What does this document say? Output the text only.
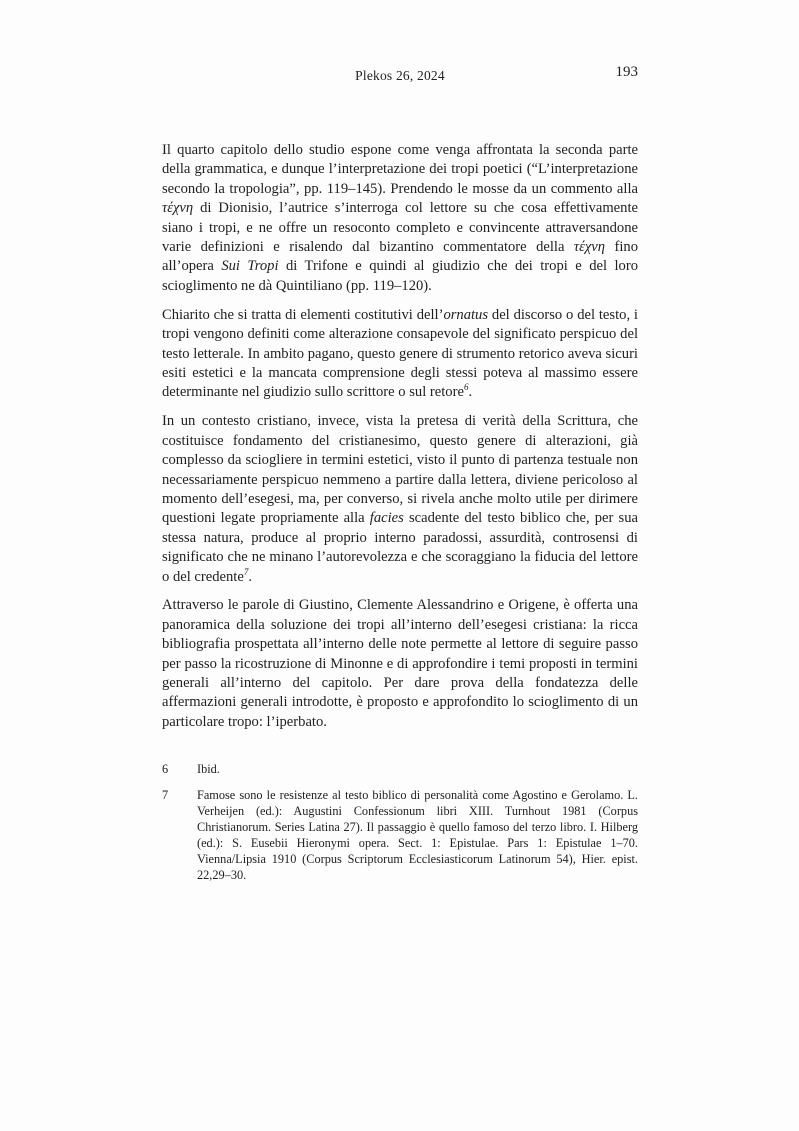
Plekos 26, 2024	193

Il quarto capitolo dello studio espone come venga affrontata la seconda parte della grammatica, e dunque l’interpretazione dei tropi poetici (“L’interpretazione secondo la tropologia”, pp. 119–145). Prendendo le mosse da un commento alla τέχνη di Dionisio, l’autrice s’interroga col lettore su che cosa effettivamente siano i tropi, e ne offre un resoconto completo e convincente attraversandone varie definizioni e risalendo dal bizantino commentatore della τέχνη fino all’opera Sui Tropi di Trifone e quindi al giudizio che dei tropi e del loro scioglimento ne dà Quintiliano (pp. 119–120).

Chiarito che si tratta di elementi costitutivi dell’ornatus del discorso o del testo, i tropi vengono definiti come alterazione consapevole del significato perspicuo del testo letterale. In ambito pagano, questo genere di strumento retorico aveva sicuri esiti estetici e la mancata comprensione degli stessi poteva al massimo essere determinante nel giudizio sullo scrittore o sul retore$^6$.

In un contesto cristiano, invece, vista la pretesa di verità della Scrittura, che costituisce fondamento del cristianesimo, questo genere di alterazioni, già complesso da sciogliere in termini estetici, visto il punto di partenza testuale non necessariamente perspicuo nemmeno a partire dalla lettera, diviene pericoloso al momento dell’esegesi, ma, per converso, si rivela anche molto utile per dirimere questioni legate propriamente alla facies scadente del testo biblico che, per sua stessa natura, produce al proprio interno paradossi, assurdità, controsensi di significato che ne minano l’autorevolezza e che scoraggiano la fiducia del lettore o del credente$^7$.

Attraverso le parole di Giustino, Clemente Alessandrino e Origene, è offerta una panoramica della soluzione dei tropi all’interno dell’esegesi cristiana: la ricca bibliografia prospettata all’interno delle note permette al lettore di seguire passo per passo la ricostruzione di Minonne e di approfondire i temi proposti in termini generali all’interno del capitolo. Per dare prova della fondatezza delle affermazioni generali introdotte, è proposto e approfondito lo scioglimento di un particolare tropo: l’iperbato.

6	Ibid.
7	Famose sono le resistenze al testo biblico di personalità come Agostino e Gerolamo. L. Verheijen (ed.): Augustini Confessionum libri XIII. Turnhout 1981 (Corpus Christianorum. Series Latina 27). Il passaggio è quello famoso del terzo libro. I. Hilberg (ed.): S. Eusebii Hieronymi opera. Sect. 1: Epistulae. Pars 1: Epistulae 1–70. Vienna/Lipsia 1910 (Corpus Scriptorum Ecclesiasticorum Latinorum 54), Hier. epist. 22,29–30.
